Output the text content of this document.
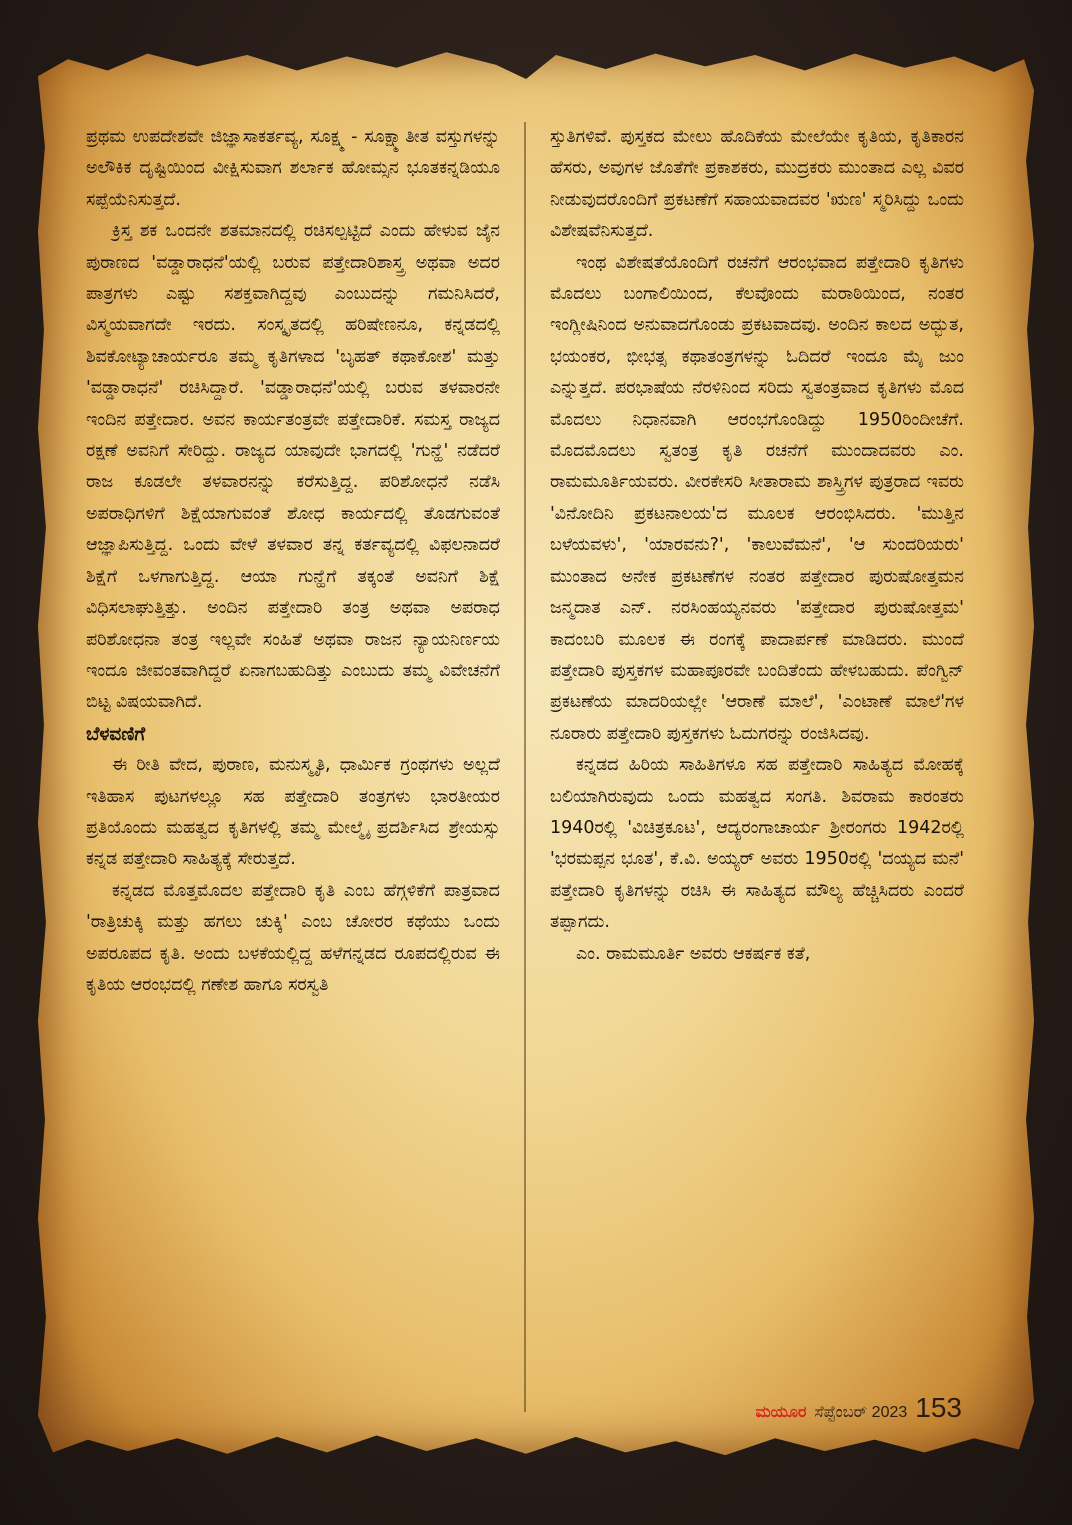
ಪ್ರಥಮ ಉಪದೇಶವೇ ಜಿಜ್ಞಾಸಾಕರ್ತವ್ಯ, ಸೂಕ್ಷ್ಮ - ಸೂಕ್ಷ್ಮಾತೀತ ವಸ್ತುಗಳನ್ನು ಅಲೌಕಿಕ ದೃಷ್ಟಿಯಿಂದ ವೀಕ್ಷಿಸುವಾಗ ಶರ್ಲಾಕ ಹೋಮ್ಸನ ಭೂತಕನ್ನಡಿಯೂ ಸಪ್ಪೆಯೆನಿಸುತ್ತದೆ.

ಕ್ರಿಸ್ತ ಶಕ ಒಂದನೇ ಶತಮಾನದಲ್ಲಿ ರಚಿಸಲ್ಪಟ್ಟಿದೆ ಎಂದು ಹೇಳುವ ಜೈನ ಪುರಾಣದ 'ವಡ್ಡಾರಾಧನೆ'ಯಲ್ಲಿ ಬರುವ ಪತ್ತೇದಾರಿಶಾಸ್ತ್ರ ಅಥವಾ ಅದರ ಪಾತ್ರಗಳು ಎಷ್ಟು ಸಶಕ್ತವಾಗಿದ್ದವು ಎಂಬುದನ್ನು ಗಮನಿಸಿದರೆ, ವಿಸ್ಮಯವಾಗದೇ ಇರದು. ಸಂಸ್ಕೃತದಲ್ಲಿ ಹರಿಷೇಣನೂ, ಕನ್ನಡದಲ್ಲಿ ಶಿವಕೋಟ್ಯಾಚಾರ್ಯರೂ ತಮ್ಮ ಕೃತಿಗಳಾದ 'ಬೃಹತ್ ಕಥಾಕೋಶ' ಮತ್ತು 'ವಡ್ಡಾರಾಧನೆ' ರಚಿಸಿದ್ದಾರೆ. 'ವಡ್ಡಾರಾಧನೆ'ಯಲ್ಲಿ ಬರುವ ತಳವಾರನೇ ಇಂದಿನ ಪತ್ತೇದಾರ. ಅವನ ಕಾರ್ಯತಂತ್ರವೇ ಪತ್ತೇದಾರಿಕೆ. ಸಮಸ್ತ ರಾಜ್ಯದ ರಕ್ಷಣೆ ಅವನಿಗೆ ಸೇರಿದ್ದು. ರಾಜ್ಯದ ಯಾವುದೇ ಭಾಗದಲ್ಲಿ 'ಗುನ್ಹೆ' ನಡೆದರೆ ರಾಜ ಕೂಡಲೇ ತಳವಾರನನ್ನು ಕರೆಸುತ್ತಿದ್ದ. ಪರಿಶೋಧನೆ ನಡೆಸಿ ಅಪರಾಧಿಗಳಿಗೆ ಶಿಕ್ಷೆಯಾಗುವಂತೆ ಶೋಧ ಕಾರ್ಯದಲ್ಲಿ ತೊಡಗುವಂತೆ ಆಜ್ಞಾಪಿಸುತ್ತಿದ್ದ. ಒಂದು ವೇಳೆ ತಳವಾರ ತನ್ನ ಕರ್ತವ್ಯದಲ್ಲಿ ವಿಫಲನಾದರೆ ಶಿಕ್ಷೆಗೆ ಒಳಗಾಗುತ್ತಿದ್ದ. ಆಯಾ ಗುನ್ಹೆಗೆ ತಕ್ಕಂತೆ ಅವನಿಗೆ ಶಿಕ್ಷೆ ವಿಧಿಸಲಾಘುತ್ತಿತ್ತು. ಅಂದಿನ ಪತ್ತೇದಾರಿ ತಂತ್ರ ಅಥವಾ ಅಪರಾಧ ಪರಿಶೋಧನಾ ತಂತ್ರ ಇಲ್ಲವೇ ಸಂಹಿತೆ ಅಥವಾ ರಾಜನ ನ್ಯಾಯನಿರ್ಣಯ ಇಂದೂ ಜೀವಂತವಾಗಿದ್ದರೆ ಏನಾಗಬಹುದಿತ್ತು ಎಂಬುದು ತಮ್ಮ ವಿವೇಚನೆಗೆ ಬಿಟ್ಟ ವಿಷಯವಾಗಿದೆ.

ಬೆಳವಣಿಗೆ

ಈ ರೀತಿ ವೇದ, ಪುರಾಣ, ಮನುಸ್ಮೃತಿ, ಧಾರ್ಮಿಕ ಗ್ರಂಥಗಳು ಅಲ್ಲದೆ ಇತಿಹಾಸ ಪುಟಗಳಲ್ಲೂ ಸಹ ಪತ್ತೇದಾರಿ ತಂತ್ರಗಳು ಭಾರತೀಯರ ಪ್ರತಿಯೊಂದು ಮಹತ್ವದ ಕೃತಿಗಳಲ್ಲಿ ತಮ್ಮ ಮೇಲ್ಮೈ ಪ್ರದರ್ಶಿಸಿದ ಶ್ರೇಯಸ್ಸು ಕನ್ನಡ ಪತ್ತೇದಾರಿ ಸಾಹಿತ್ಯಕ್ಕೆ ಸೇರುತ್ತದೆ.

ಕನ್ನಡದ ಮೊತ್ತಮೊದಲ ಪತ್ತೇದಾರಿ ಕೃತಿ ಎಂಬ ಹೆಗ್ಗಳಿಕೆಗೆ ಪಾತ್ರವಾದ 'ರಾತ್ರಿಚುಕ್ಕಿ ಮತ್ತು ಹಗಲು ಚುಕ್ಕಿ' ಎಂಬ ಚೋರರ ಕಥೆಯು ಒಂದು ಅಪರೂಪದ ಕೃತಿ. ಅಂದು ಬಳಕೆಯಲ್ಲಿದ್ದ ಹಳೆಗನ್ನಡದ ರೂಪದಲ್ಲಿರುವ ಈ ಕೃತಿಯ ಆರಂಭದಲ್ಲಿ ಗಣೇಶ ಹಾಗೂ ಸರಸ್ವತಿ

ಸ್ತುತಿಗಳಿವೆ. ಪುಸ್ತಕದ ಮೇಲು ಹೊದಿಕೆಯ ಮೇಲೆಯೇ ಕೃತಿಯ, ಕೃತಿಕಾರನ ಹೆಸರು, ಅವುಗಳ ಜೊತೆಗೇ ಪ್ರಕಾಶಕರು, ಮುದ್ರಕರು ಮುಂತಾದ ಎಲ್ಲ ವಿವರ ನೀಡುವುದರೊಂದಿಗೆ ಪ್ರಕಟಣೆಗೆ ಸಹಾಯವಾದವರ 'ಋಣ' ಸ್ಮರಿಸಿದ್ದು ಒಂದು ವಿಶೇಷವೆನಿಸುತ್ತದೆ.

ಇಂಥ ವಿಶೇಷತೆಯೊಂದಿಗೆ ರಚನೆಗೆ ಆರಂಭವಾದ ಪತ್ತೇದಾರಿ ಕೃತಿಗಳು ಮೊದಲು ಬಂಗಾಲಿಯಿಂದ, ಕೆಲವೊಂದು ಮರಾಠಿಯಿಂದ, ನಂತರ ಇಂಗ್ಲೀಷಿನಿಂದ ಅನುವಾದಗೊಂಡು ಪ್ರಕಟವಾದವು. ಅಂದಿನ ಕಾಲದ ಅದ್ಭುತ, ಭಯಂಕರ, ಭೀಭತ್ಸ ಕಥಾತಂತ್ರಗಳನ್ನು ಓದಿದರೆ ಇಂದೂ ಮೈ ಜುಂ ಎನ್ನುತ್ತದೆ. ಪರಭಾಷೆಯ ನೆರಳಿನಿಂದ ಸರಿದು ಸ್ವತಂತ್ರವಾದ ಕೃತಿಗಳು ಮೊದ ಮೊದಲು ನಿಧಾನವಾಗಿ ಆರಂಭಗೊಂಡಿದ್ದು 1950ರಿಂದೀಚೆಗೆ. ಮೊದಮೊದಲು ಸ್ವತಂತ್ರ ಕೃತಿ ರಚನೆಗೆ ಮುಂದಾದವರು ಎಂ. ರಾಮಮೂರ್ತಿಯವರು. ವೀರಕೇಸರಿ ಸೀತಾರಾಮ ಶಾಸ್ತ್ರಿಗಳ ಪುತ್ರರಾದ ಇವರು 'ವಿನೋದಿನಿ ಪ್ರಕಟನಾಲಯ'ದ ಮೂಲಕ ಆರಂಭಿಸಿದರು. 'ಮುತ್ತಿನ ಬಳೆಯವಳು', 'ಯಾರವನು?', 'ಕಾಲುವೆಮನೆ', 'ಆ ಸುಂದರಿಯರು' ಮುಂತಾದ ಅನೇಕ ಪ್ರಕಟಣೆಗಳ ನಂತರ ಪತ್ತೇದಾರ ಪುರುಷೋತ್ತಮನ ಜನ್ಮದಾತ ಎನ್. ನರಸಿಂಹಯ್ಯನವರು 'ಪತ್ತೇದಾರ ಪುರುಷೋತ್ತಮ' ಕಾದಂಬರಿ ಮೂಲಕ ಈ ರಂಗಕ್ಕೆ ಪಾದಾರ್ಪಣೆ ಮಾಡಿದರು. ಮುಂದೆ ಪತ್ತೇದಾರಿ ಪುಸ್ತಕಗಳ ಮಹಾಪೂರವೇ ಬಂದಿತೆಂದು ಹೇಳಬಹುದು. ಪೆಂಗ್ವಿನ್ ಪ್ರಕಟಣೆಯ ಮಾದರಿಯಲ್ಲೇ 'ಆರಾಣೆ ಮಾಲೆ', 'ಎಂಟಾಣೆ ಮಾಲೆ'ಗಳ ನೂರಾರು ಪತ್ತೇದಾರಿ ಪುಸ್ತಕಗಳು ಓದುಗರನ್ನು ರಂಜಿಸಿದವು.

ಕನ್ನಡದ ಹಿರಿಯ ಸಾಹಿತಿಗಳೂ ಸಹ ಪತ್ತೇದಾರಿ ಸಾಹಿತ್ಯದ ಮೋಹಕ್ಕೆ ಬಲಿಯಾಗಿರುವುದು ಒಂದು ಮಹತ್ವದ ಸಂಗತಿ. ಶಿವರಾಮ ಕಾರಂತರು 1940ರಲ್ಲಿ 'ವಿಚಿತ್ರಕೂಟ', ಆದ್ಯರಂಗಾಚಾರ್ಯ ಶ್ರೀರಂಗರು 1942ರಲ್ಲಿ 'ಭರಮಪ್ಪನ ಭೂತ', ಕೆ.ವಿ. ಅಯ್ಯರ್ ಅವರು 1950ರಲ್ಲಿ 'ದಯ್ಯದ ಮನೆ' ಪತ್ತೇದಾರಿ ಕೃತಿಗಳನ್ನು ರಚಿಸಿ ಈ ಸಾಹಿತ್ಯದ ಮೌಲ್ಯ ಹೆಚ್ಚಿಸಿದರು ಎಂದರೆ ತಪ್ಪಾಗದು.

ಎಂ. ರಾಮಮೂರ್ತಿ ಅವರು ಆಕರ್ಷಕ ಕತೆ,

ಮಯೂರ ಸೆಪ್ಟೆಂಬರ್ 2023 153
